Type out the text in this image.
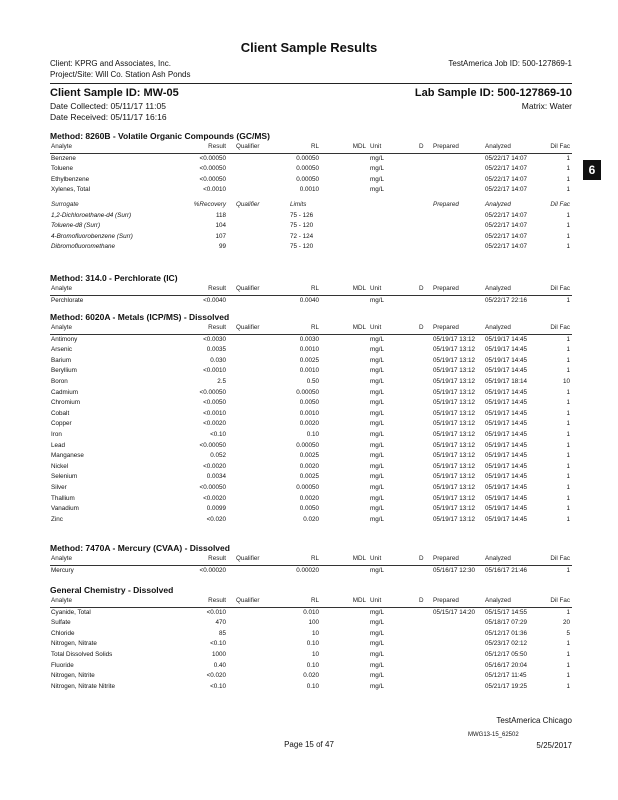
Client Sample Results
Client: KPRG and Associates, Inc.
Project/Site: Will Co. Station Ash Ponds
TestAmerica Job ID: 500-127869-1
Client Sample ID: MW-05	Lab Sample ID: 500-127869-10
Date Collected: 05/11/17 11:05
Date Received: 05/11/17 16:16
Matrix: Water
6
Method: 8260B - Volatile Organic Compounds (GC/MS)
Analyte	Result Qualifier	RL	MDL Unit	D Prepared	Analyzed	Dil Fac
Benzene	<0.00050	0.00050	mg/L	05/22/17 14:07	1
Toluene	<0.00050	0.00050	mg/L	05/22/17 14:07	1
Ethylbenzene	<0.00050	0.00050	mg/L	05/22/17 14:07	1
Xylenes, Total	<0.0010	0.0010	mg/L	05/22/17 14:07	1
Surrogate	%Recovery Qualifier	Limits	Prepared	Analyzed	Dil Fac
1,2-Dichloroethane-d4 (Surr)	118	75 - 126	05/22/17 14:07	1
Toluene-d8 (Surr)	104	75 - 120	05/22/17 14:07	1
4-Bromofluorobenzene (Surr)	107	72 - 124	05/22/17 14:07	1
Dibromofluoromethane	99	75 - 120	05/22/17 14:07	1
Method: 314.0 - Perchlorate (IC)
Analyte	Result Qualifier	RL	MDL Unit	D Prepared	Analyzed	Dil Fac
Perchlorate	<0.0040	0.0040	mg/L	05/22/17 22:16	1
Method: 6020A - Metals (ICP/MS) - Dissolved
Analyte	Result Qualifier	RL	MDL Unit	D Prepared	Analyzed	Dil Fac
Antimony	<0.0030	0.0030	mg/L	05/19/17 13:12 05/19/17 14:45	1
Arsenic	0.0035	0.0010	mg/L	05/19/17 13:12 05/19/17 14:45	1
Barium	0.030	0.0025	mg/L	05/19/17 13:12 05/19/17 14:45	1
Beryllium	<0.0010	0.0010	mg/L	05/19/17 13:12 05/19/17 14:45	1
Boron	2.5	0.50	mg/L	05/19/17 13:12 05/19/17 18:14	10
Cadmium	<0.00050	0.00050	mg/L	05/19/17 13:12 05/19/17 14:45	1
Chromium	<0.0050	0.0050	mg/L	05/19/17 13:12 05/19/17 14:45	1
Cobalt	<0.0010	0.0010	mg/L	05/19/17 13:12 05/19/17 14:45	1
Copper	<0.0020	0.0020	mg/L	05/19/17 13:12 05/19/17 14:45	1
Iron	<0.10	0.10	mg/L	05/19/17 13:12 05/19/17 14:45	1
Lead	<0.00050	0.00050	mg/L	05/19/17 13:12 05/19/17 14:45	1
Manganese	0.052	0.0025	mg/L	05/19/17 13:12 05/19/17 14:45	1
Nickel	<0.0020	0.0020	mg/L	05/19/17 13:12 05/19/17 14:45	1
Selenium	0.0034	0.0025	mg/L	05/19/17 13:12 05/19/17 14:45	1
Silver	<0.00050	0.00050	mg/L	05/19/17 13:12 05/19/17 14:45	1
Thallium	<0.0020	0.0020	mg/L	05/19/17 13:12 05/19/17 14:45	1
Vanadium	0.0099	0.0050	mg/L	05/19/17 13:12 05/19/17 14:45	1
Zinc	<0.020	0.020	mg/L	05/19/17 13:12 05/19/17 14:45	1
Method: 7470A - Mercury (CVAA) - Dissolved
Analyte	Result Qualifier	RL	MDL Unit	D Prepared	Analyzed	Dil Fac
Mercury	<0.00020	0.00020	mg/L	05/16/17 12:30 05/16/17 21:46	1
General Chemistry - Dissolved
Analyte	Result Qualifier	RL	MDL Unit	D Prepared	Analyzed	Dil Fac
Cyanide, Total	<0.010	0.010	mg/L	05/15/17 14:20 05/15/17 14:55	1
Sulfate	470	100	mg/L	05/18/17 07:29	20
Chloride	85	10	mg/L	05/12/17 01:36	5
Nitrogen, Nitrate	<0.10	0.10	mg/L	05/23/17 02:12	1
Total Dissolved Solids	1000	10	mg/L	05/12/17 05:50	1
Fluoride	0.40	0.10	mg/L	05/16/17 20:04	1
Nitrogen, Nitrite	<0.020	0.020	mg/L	05/12/17 11:45	1
Nitrogen, Nitrate Nitrite	<0.10	0.10	mg/L	05/21/17 19:25	1
TestAmerica Chicago
MWG13-15_62502
Page 15 of 47	5/25/2017
